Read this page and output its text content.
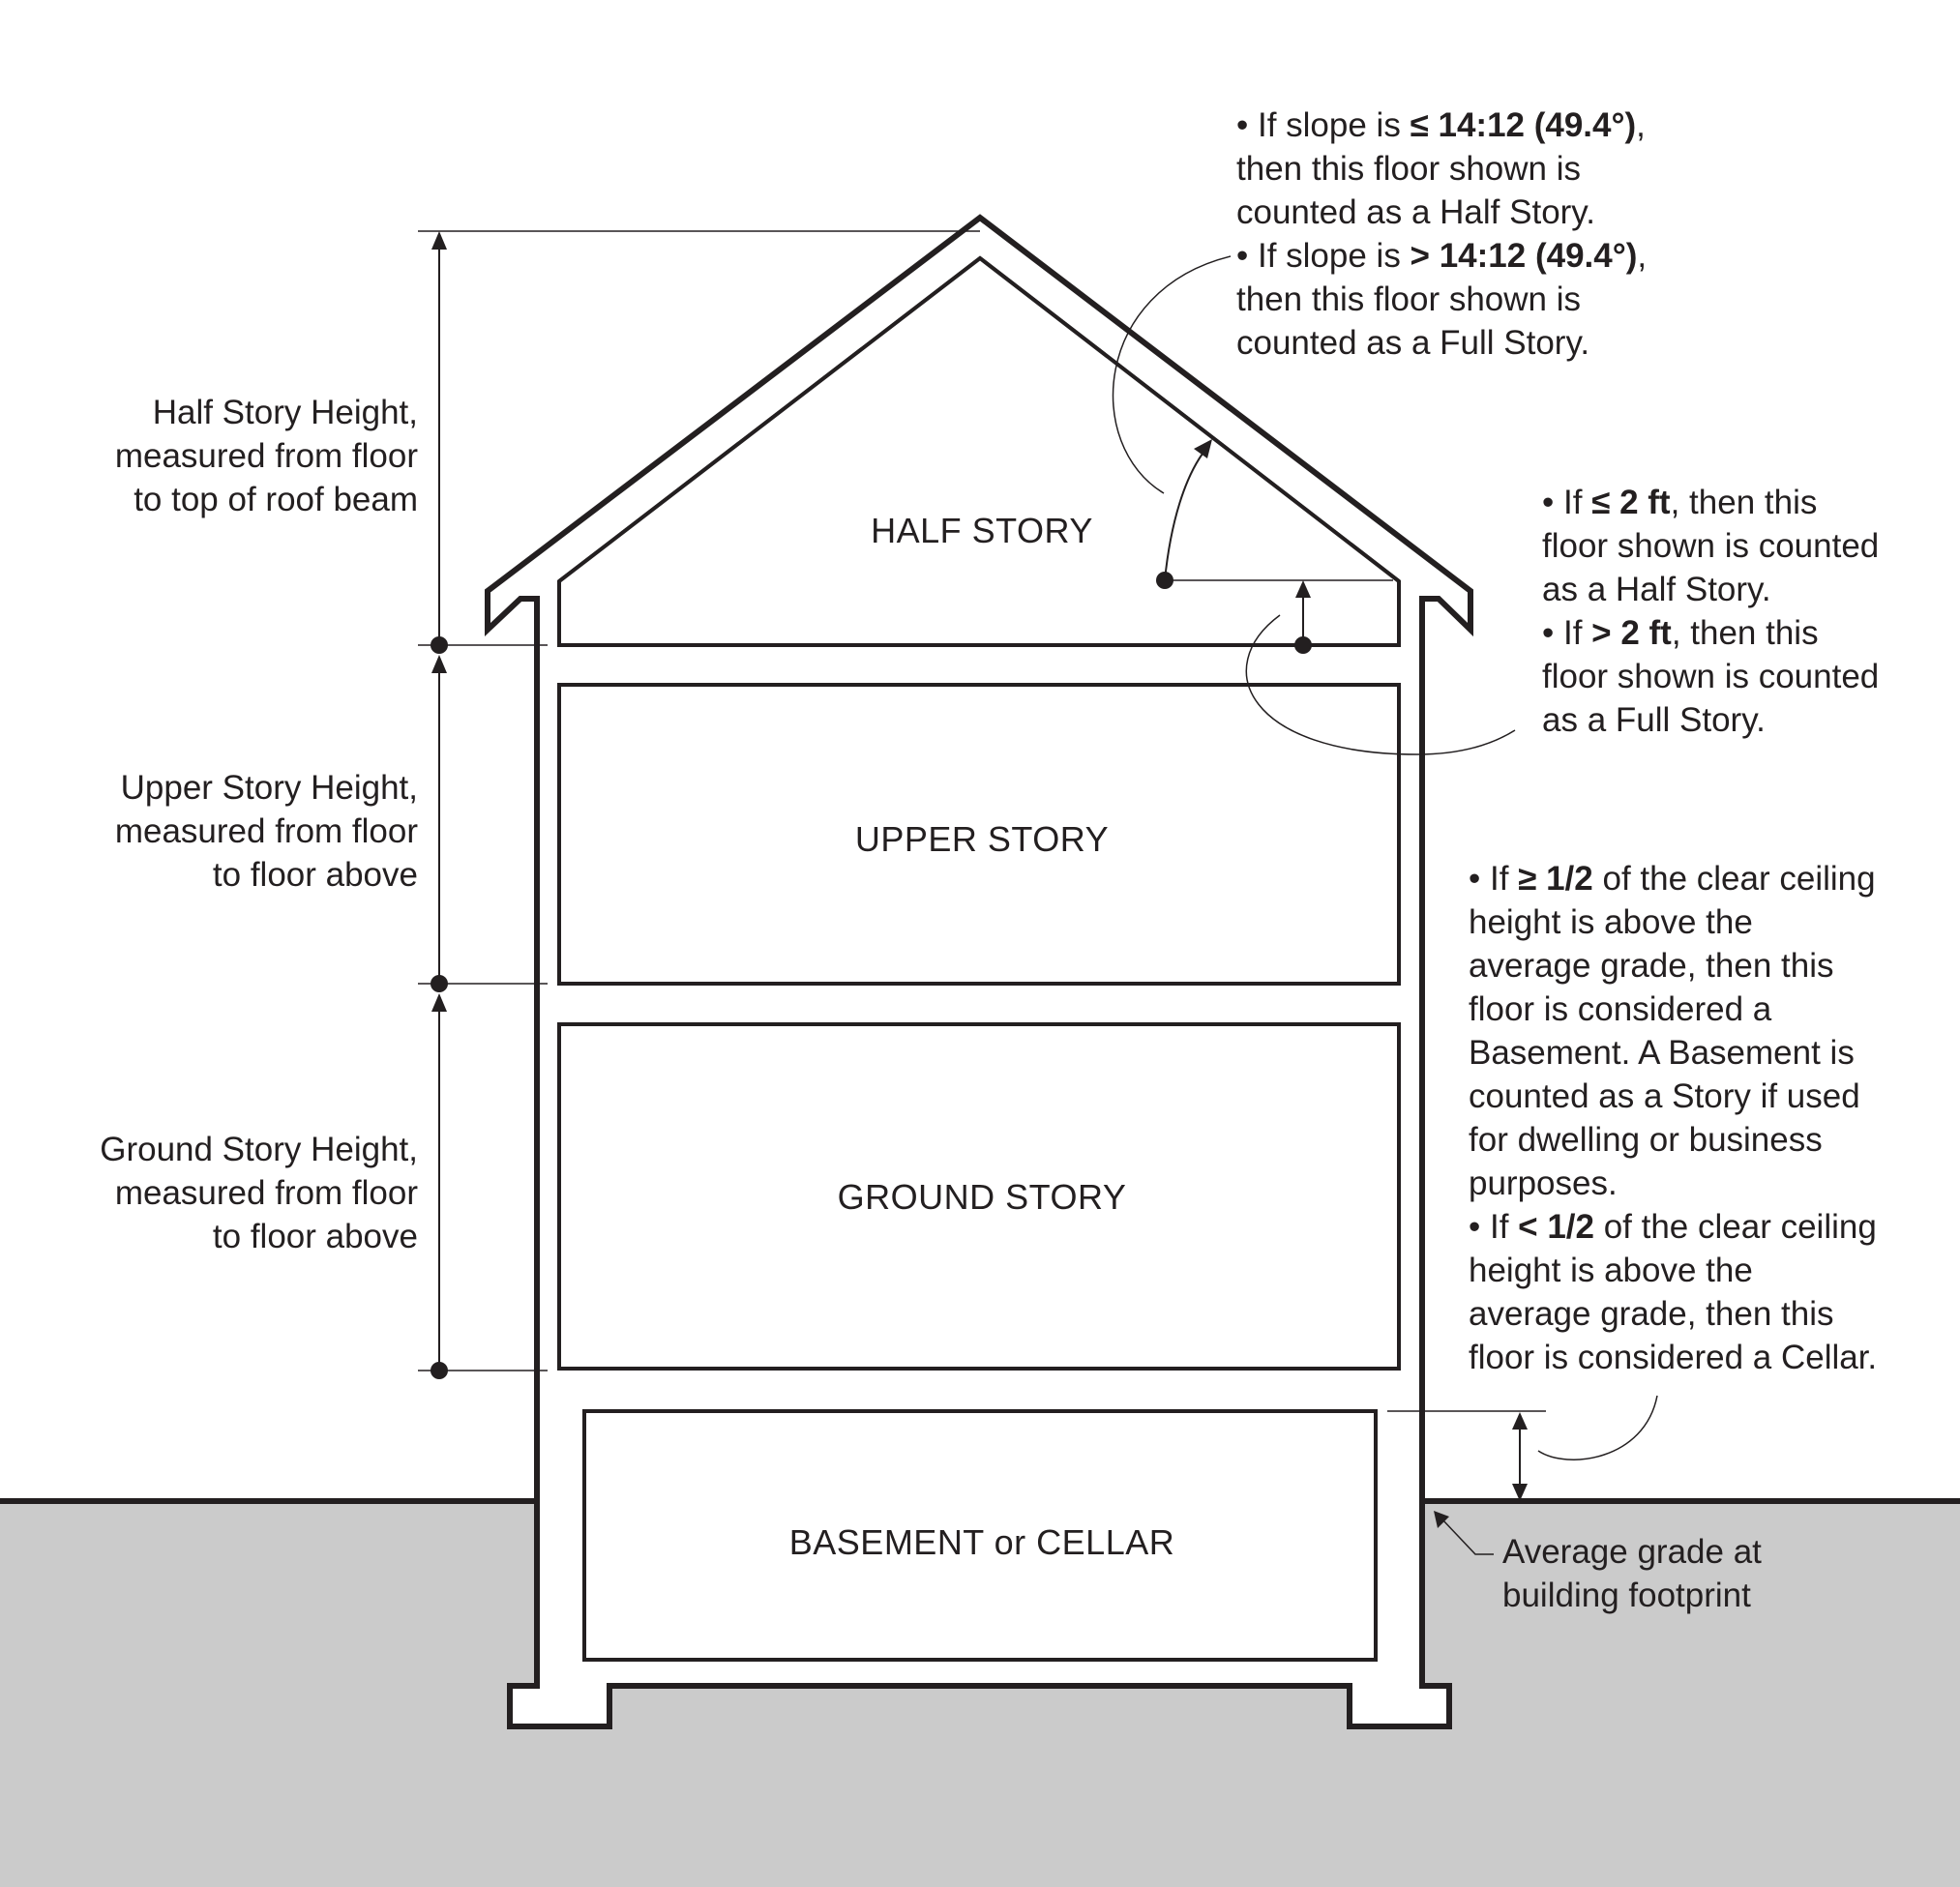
HALF STORY
UPPER STORY
GROUND STORY
BASEMENT or CELLAR
Half Story Height,
measured from floor
to top of roof beam
Upper Story Height,
measured from floor
to floor above
Ground Story Height,
measured from floor
to floor above
• If slope is ≤ 14:12 (49.4°),
then this floor shown is
counted as a Half Story.
• If slope is > 14:12 (49.4°),
then this floor shown is
counted as a Full Story.
• If ≤ 2 ft, then this
floor shown is counted
as a Half Story.
• If > 2 ft, then this
floor shown is counted
as a Full Story.
• If ≥ 1/2 of the clear ceiling
height is above the
average grade, then this
floor is considered a
Basement. A Basement is
counted as a Story if used
for dwelling or business
purposes.
• If < 1/2 of the clear ceiling
height is above the
average grade, then this
floor is considered a Cellar.
Average grade at
building footprint
